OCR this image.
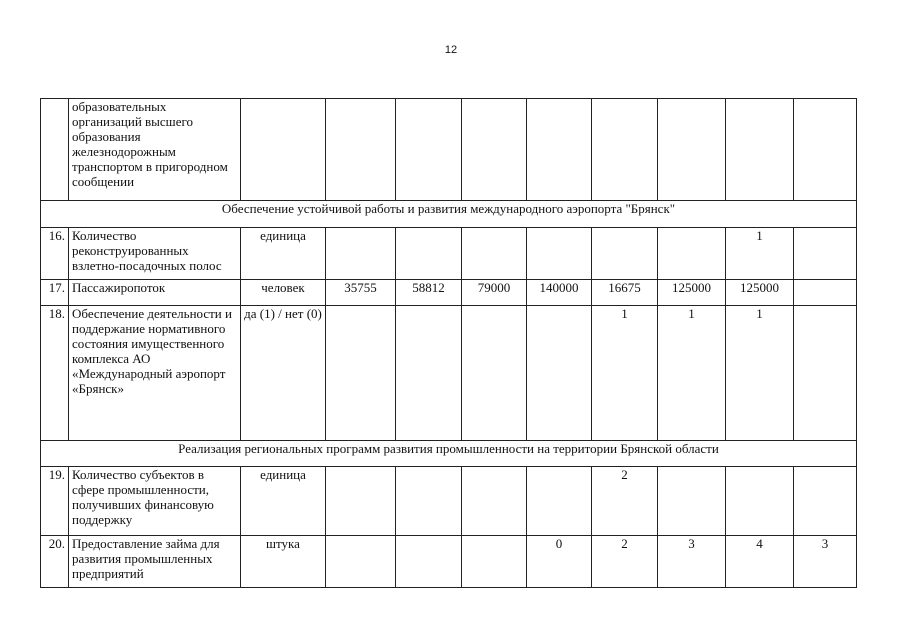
12
	образовательных организаций высшего образования железнодорожным транспортом в пригородном сообщении									
Обеспечение устойчивой работы и развития международного аэропорта "Брянск"										
16.	Количество реконструированных взлетно-посадочных полос	единица							1	
17.	Пассажиропоток	человек	35755	58812	79000	140000	16675	125000	125000	
18.	Обеспечение деятельности и поддержание нормативного состояния имущественного комплекса АО «Международный аэропорт «Брянск»	да (1) / нет (0)					1	1	1	
Реализация региональных программ развития промышленности на территории Брянской области										
19.	Количество субъектов в сфере промышленности, получивших финансовую поддержку	единица					2			
20.	Предоставление займа для развития промышленных предприятий	штука				0	2	3	4	3
